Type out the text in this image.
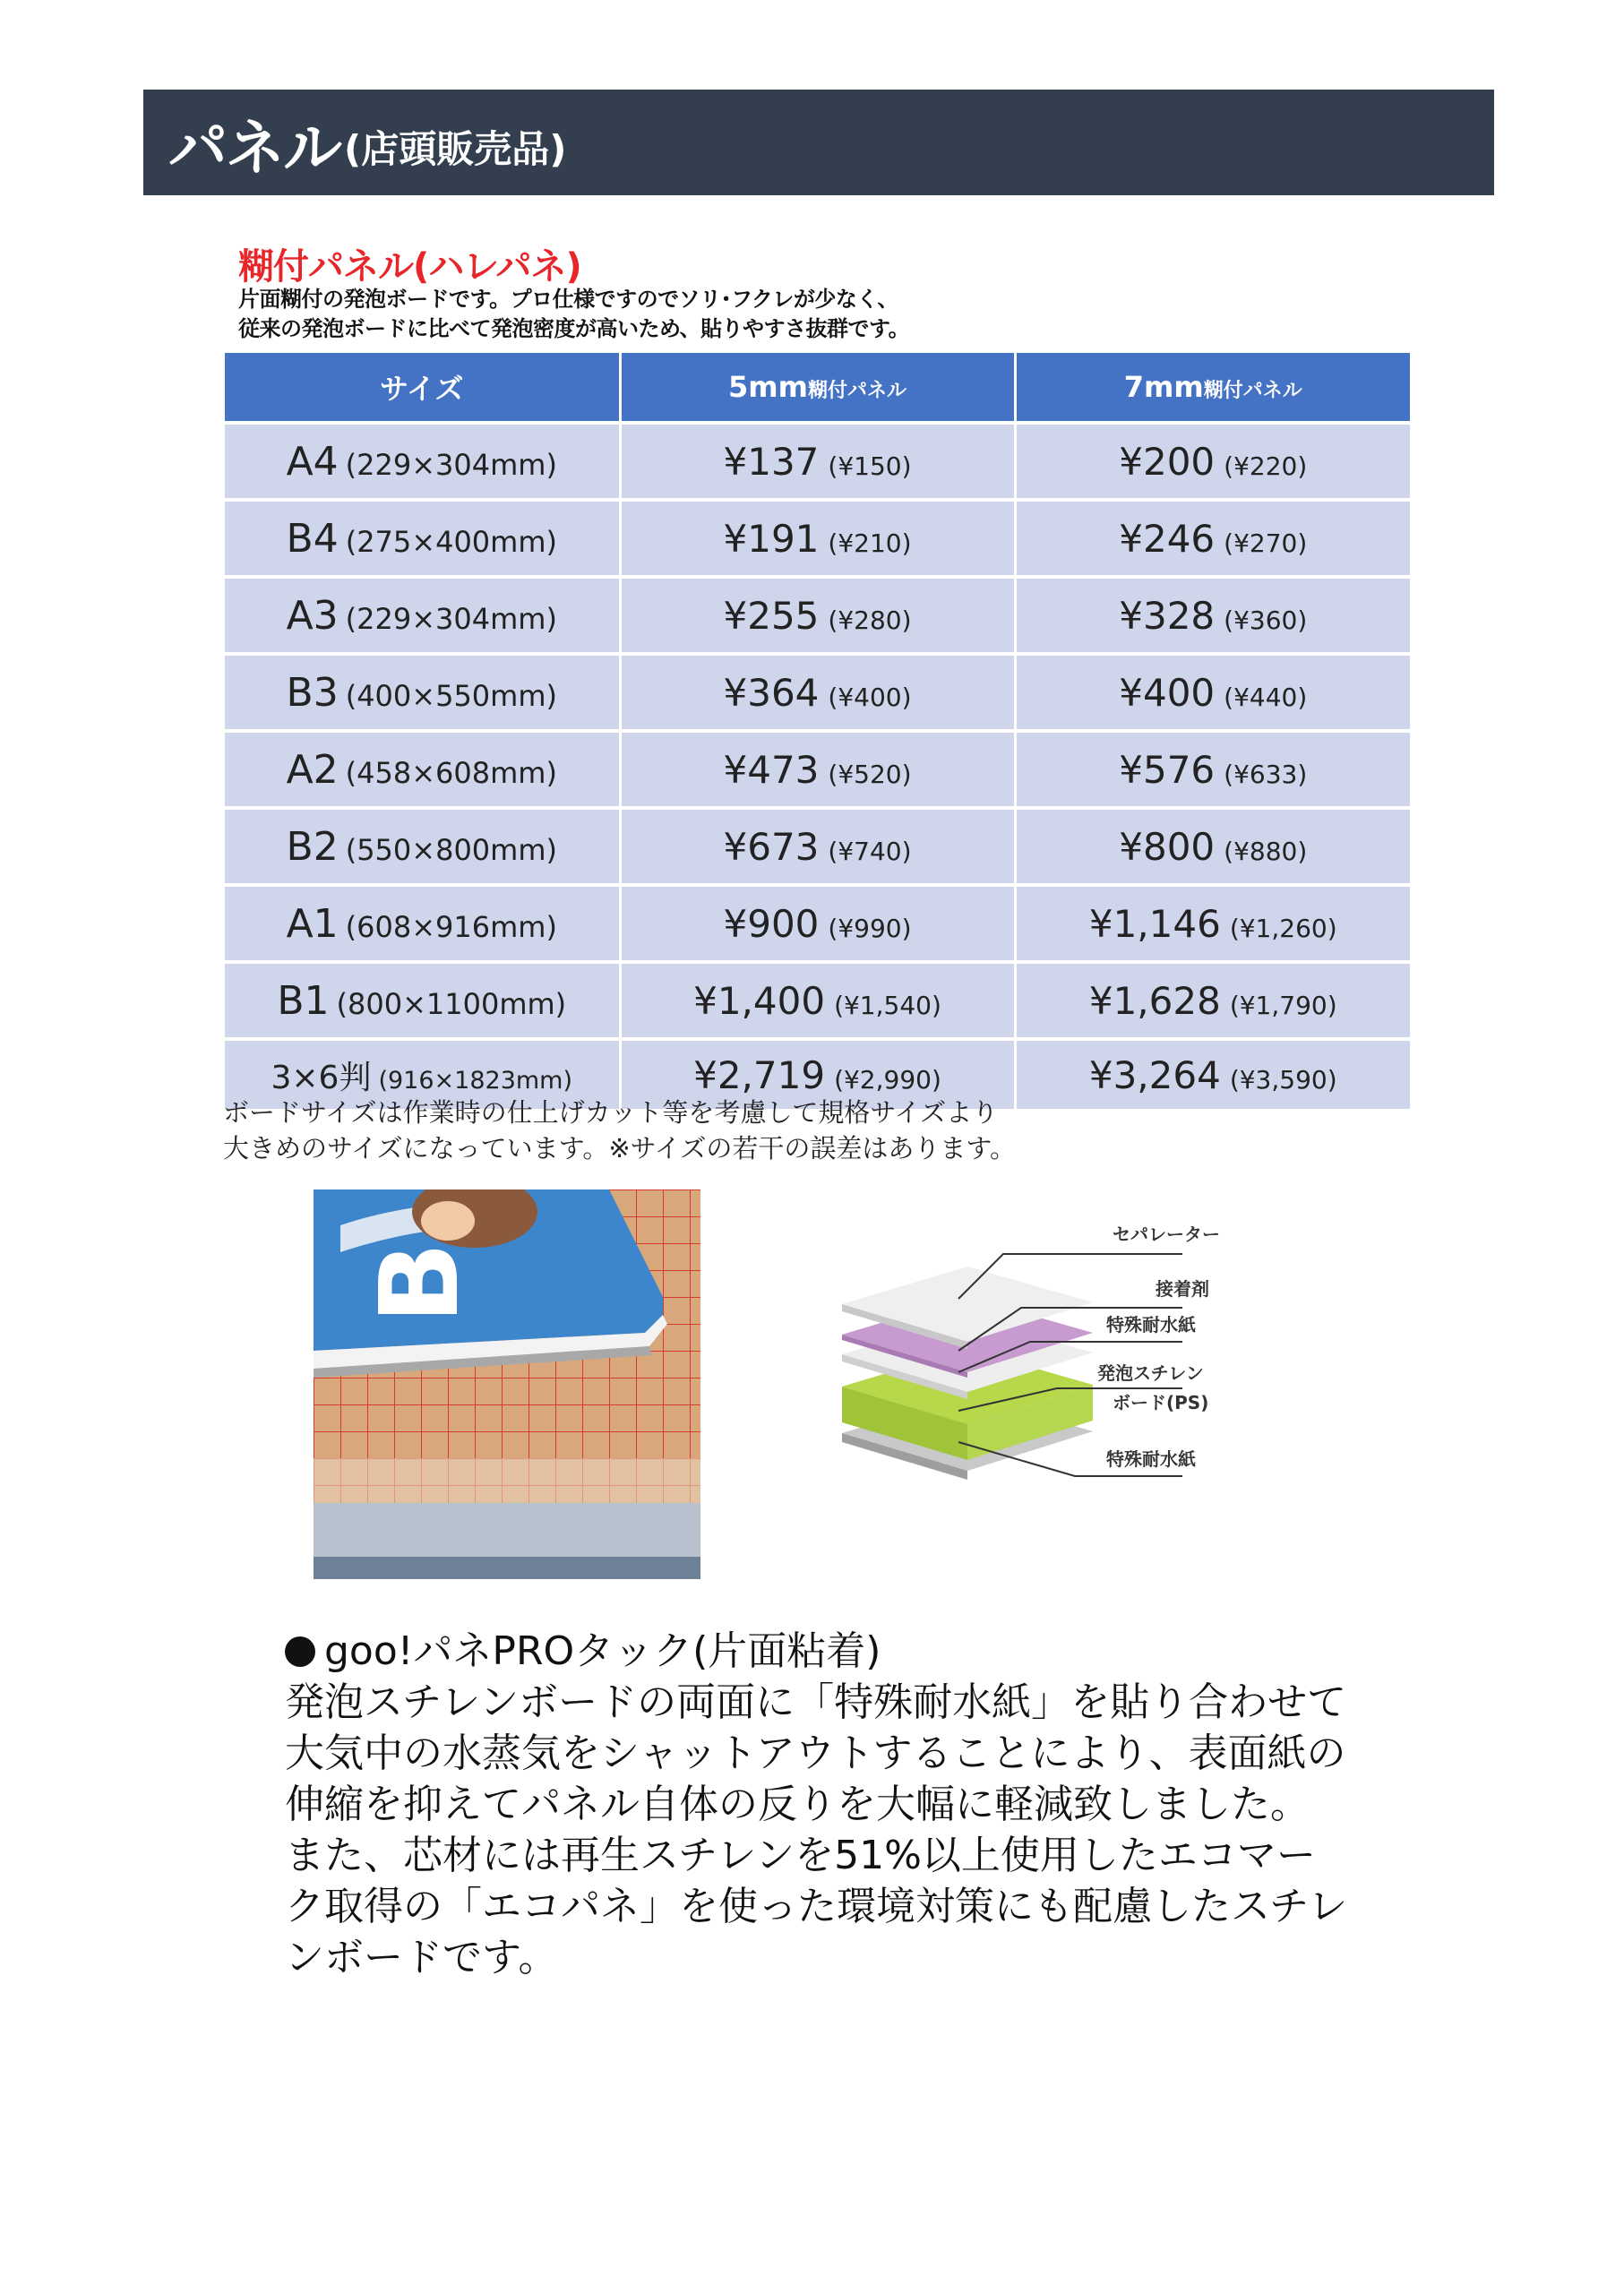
パネル (店頭販売品)
糊付パネル(ハレパネ)
片面糊付の発泡ボードです。プロ仕様ですのでソリ･フクレが少なく、
従来の発泡ボードに比べて発泡密度が高いため、貼りやすさ抜群です。
サイズ	5mm糊付パネル	7mm糊付パネル
A4 (229×304mm)	¥137 (¥150)	¥200 (¥220)
B4 (275×400mm)	¥191 (¥210)	¥246 (¥270)
A3 (229×304mm)	¥255 (¥280)	¥328 (¥360)
B3 (400×550mm)	¥364 (¥400)	¥400 (¥440)
A2 (458×608mm)	¥473 (¥520)	¥576 (¥633)
B2 (550×800mm)	¥673 (¥740)	¥800 (¥880)
A1 (608×916mm)	¥900 (¥990)	¥1,146 (¥1,260)
B1 (800×1100mm)	¥1,400 (¥1,540)	¥1,628 (¥1,790)
3×6判 (916×1823mm)	¥2,719 (¥2,990)	¥3,264 (¥3,590)
ボードサイズは作業時の仕上げカット等を考慮して規格サイズより
大きめのサイズになっています。※サイズの若干の誤差はあります。
B
セパレーター
接着剤
特殊耐水紙
発泡スチレン
ボード(PS)
特殊耐水紙
goo!パネPROタック(片面粘着)
発泡スチレンボードの両面に「特殊耐水紙」を貼り合わせて
大気中の水蒸気をシャットアウトすることにより、表面紙の
伸縮を抑えてパネル自体の反りを大幅に軽減致しました。
また、芯材には再生スチレンを51%以上使用したエコマー
ク取得の「エコパネ」を使った環境対策にも配慮したスチレ
ンボードです。
